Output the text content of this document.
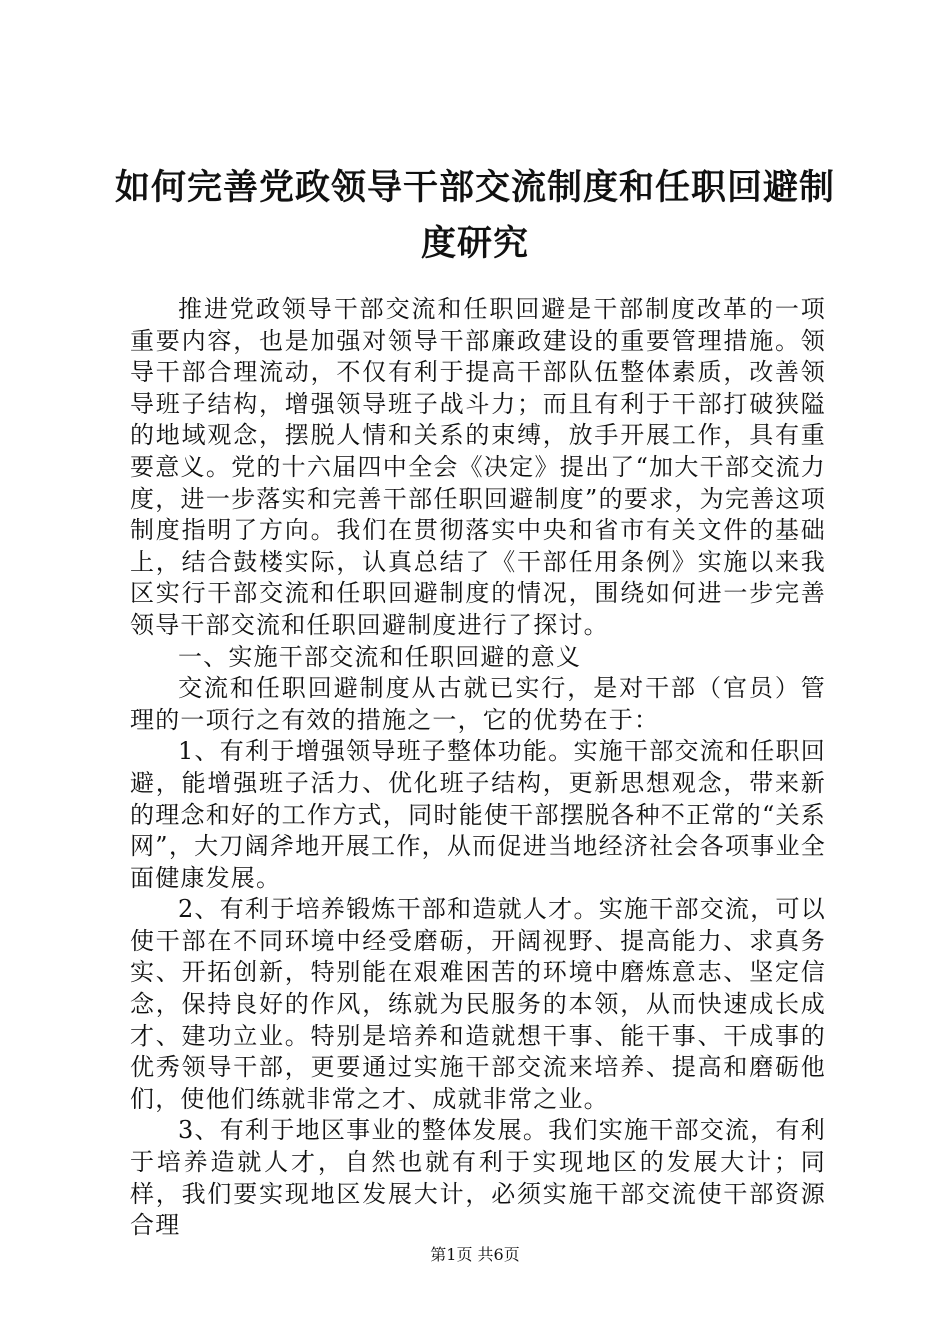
如何完善党政领导干部交流制度和任职回避制度研究

推进党政领导干部交流和任职回避是干部制度改革的一项重要内容，也是加强对领导干部廉政建设的重要管理措施。领导干部合理流动，不仅有利于提高干部队伍整体素质，改善领导班子结构，增强领导班子战斗力；而且有利于干部打破狭隘的地域观念，摆脱人情和关系的束缚，放手开展工作，具有重要意义。党的十六届四中全会《决定》提出了“加大干部交流力度，进一步落实和完善干部任职回避制度”的要求，为完善这项制度指明了方向。我们在贯彻落实中央和省市有关文件的基础上，结合鼓楼实际，认真总结了《干部任用条例》实施以来我区实行干部交流和任职回避制度的情况，围绕如何进一步完善领导干部交流和任职回避制度进行了探讨。

一、实施干部交流和任职回避的意义

交流和任职回避制度从古就已实行，是对干部（官员）管理的一项行之有效的措施之一，它的优势在于：

1、有利于增强领导班子整体功能。实施干部交流和任职回避，能增强班子活力、优化班子结构，更新思想观念，带来新的理念和好的工作方式，同时能使干部摆脱各种不正常的“关系网”，大刀阔斧地开展工作，从而促进当地经济社会各项事业全面健康发展。

2、有利于培养锻炼干部和造就人才。实施干部交流，可以使干部在不同环境中经受磨砺，开阔视野、提高能力、求真务实、开拓创新，特别能在艰难困苦的环境中磨炼意志、坚定信念，保持良好的作风，练就为民服务的本领，从而快速成长成才、建功立业。特别是培养和造就想干事、能干事、干成事的优秀领导干部，更要通过实施干部交流来培养、提高和磨砺他们，使他们练就非常之才、成就非常之业。

3、有利于地区事业的整体发展。我们实施干部交流，有利于培养造就人才，自然也就有利于实现地区的发展大计；同样，我们要实现地区发展大计，必须实施干部交流使干部资源合理

第1页 共6页
